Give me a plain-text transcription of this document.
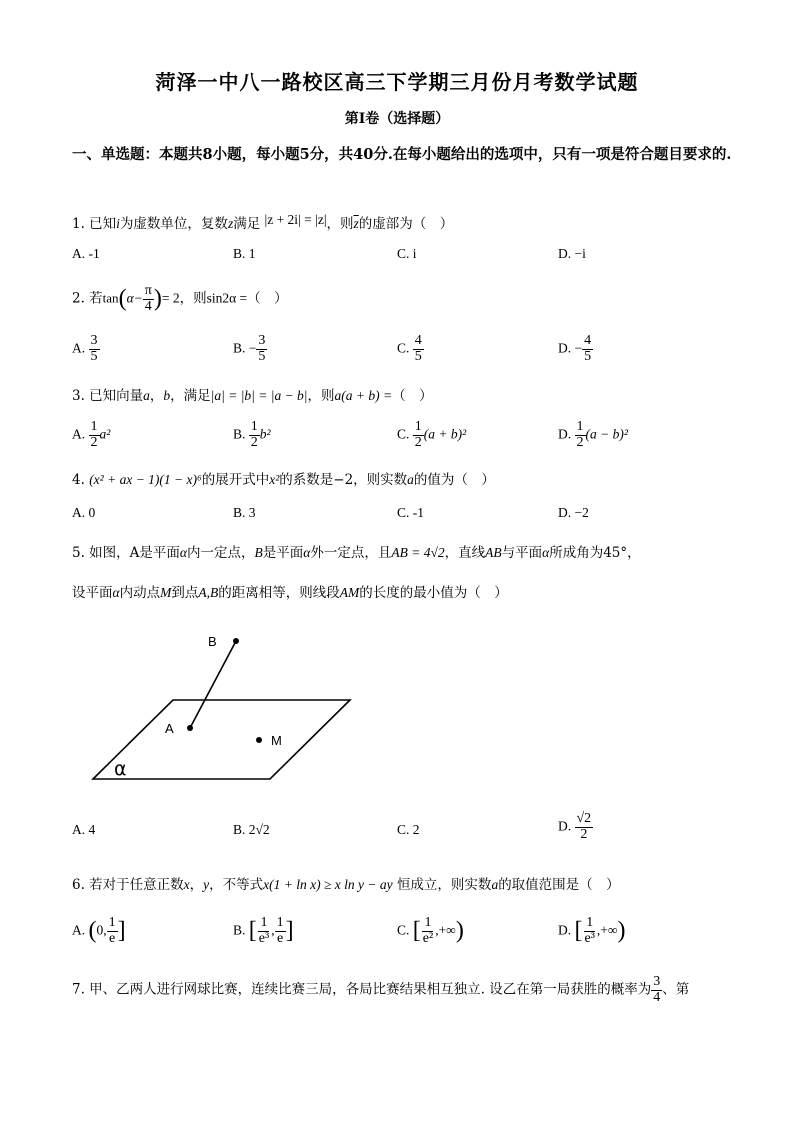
菏泽一中八一路校区高三下学期三月份月考数学试题
第Ⅰ卷（选择题）
一、单选题：本题共8小题，每小题5分，共40分.在每小题给出的选项中，只有一项是符合题目要求的.
1. 已知i为虚数单位，复数z满足 |z + 2i| = |z|，则$\overline{z}$的虚部为（　）
A. -1	B. 1	C. i	D. −i
2. 若$\tan(\alpha- \frac{\pi}{4}$ )= 2，则sin2α =（　）
A. $\frac{3}{5}$	B. − $\frac{3}{5}$	C. $\frac{4}{5}$	D. − $\frac{4}{5}$
3. 已知向量a，b，满足|a| = |b| = |a − b|，则a(a + b) =（　）
A. $\frac{1}{2} a^2$	B. $\frac{1}{2} b^2$	C. $\frac{1}{2} (a + b)^2$	D. $\frac{1}{2} (a - b)^2$
4. (x² + ax − 1)(1 − x)⁶的展开式中x²的系数是−2，则实数a的值为（　）
A. 0	B. 3	C. -1	D. −2
5. 如图，A是平面α内一定点，B是平面α外一定点，且AB = 4√2，直线AB与平面α所成角为45°，
设平面α内动点M到点A,B的距离相等，则线段AM的长度的最小值为（　）
B
A
M
α
A. 4	B. 2√2	C. 2	D. $\frac{√2}{2}$
6. 若对于任意正数x，y，不等式x(1 + ln x) ≥ x ln y − ay 恒成立，则实数a的取值范围是（　）
A. (0, $\frac{1}{e}$ ]	B. [ $\frac{1}{\text{e³}}$ , $\frac{1}{e}$ ]	C. [ $\frac{1}{\text{e²}}$ ,+∞)	D. [ $\frac{1}{\text{e³}}$ ,+∞)
7. 甲、乙两人进行网球比赛，连续比赛三局，各局比赛结果相互独立. 设乙在第一局获胜的概率为 $\frac{3}{4}$ 、第
